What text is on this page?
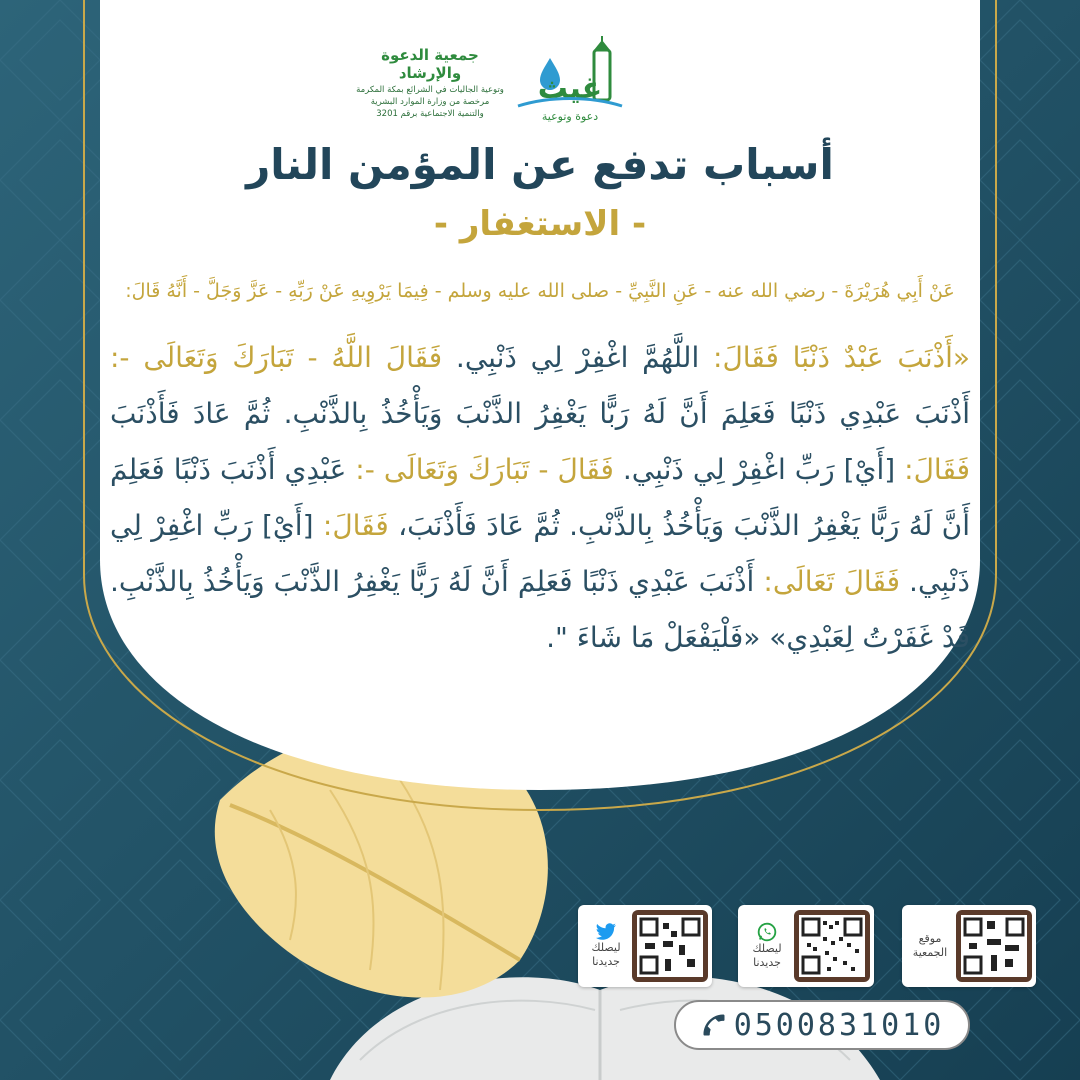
جمعية الدعوة والإرشاد
وتوعية الجاليات في الشرائع بمكة المكرمة
مرخصة من وزارة الموارد البشرية
والتنمية الاجتماعية برقم 3201
غيث
دعوة وتوعية
أسباب تدفع عن المؤمن النار
- الاستغفار -
عَنْ أَبِي هُرَيْرَةَ - رضي الله عنه - عَنِ النَّبِيِّ - صلى الله عليه وسلم - فِيمَا يَرْوِيهِ عَنْ رَبِّهِ - عَزَّ وَجَلَّ - أَنَّهُ قَالَ:
«أَذْنَبَ عَبْدٌ ذَنْبًا فَقَالَ: اللَّهُمَّ اغْفِرْ لِي ذَنْبِي. فَقَالَ اللَّهُ - تَبَارَكَ وَتَعَالَى -: أَذْنَبَ عَبْدِي ذَنْبًا فَعَلِمَ أَنَّ لَهُ رَبًّا يَغْفِرُ الذَّنْبَ وَيَأْخُذُ بِالذَّنْبِ. ثُمَّ عَادَ فَأَذْنَبَ فَقَالَ: [أَيْ] رَبِّ اغْفِرْ لِي ذَنْبِي. فَقَالَ - تَبَارَكَ وَتَعَالَى -: عَبْدِي أَذْنَبَ ذَنْبًا فَعَلِمَ أَنَّ لَهُ رَبًّا يَغْفِرُ الذَّنْبَ وَيَأْخُذُ بِالذَّنْبِ. ثُمَّ عَادَ فَأَذْنَبَ، فَقَالَ: [أَيْ] رَبِّ اغْفِرْ لِي ذَنْبِي. فَقَالَ تَعَالَى: أَذْنَبَ عَبْدِي ذَنْبًا فَعَلِمَ أَنَّ لَهُ رَبًّا يَغْفِرُ الذَّنْبَ وَيَأْخُذُ بِالذَّنْبِ. قَدْ غَفَرْتُ لِعَبْدِي» «فَلْيَفْعَلْ مَا شَاءَ ".
ليصلك
جديدنا
ليصلك
جديدنا
موقع
الجمعية
0500831010
